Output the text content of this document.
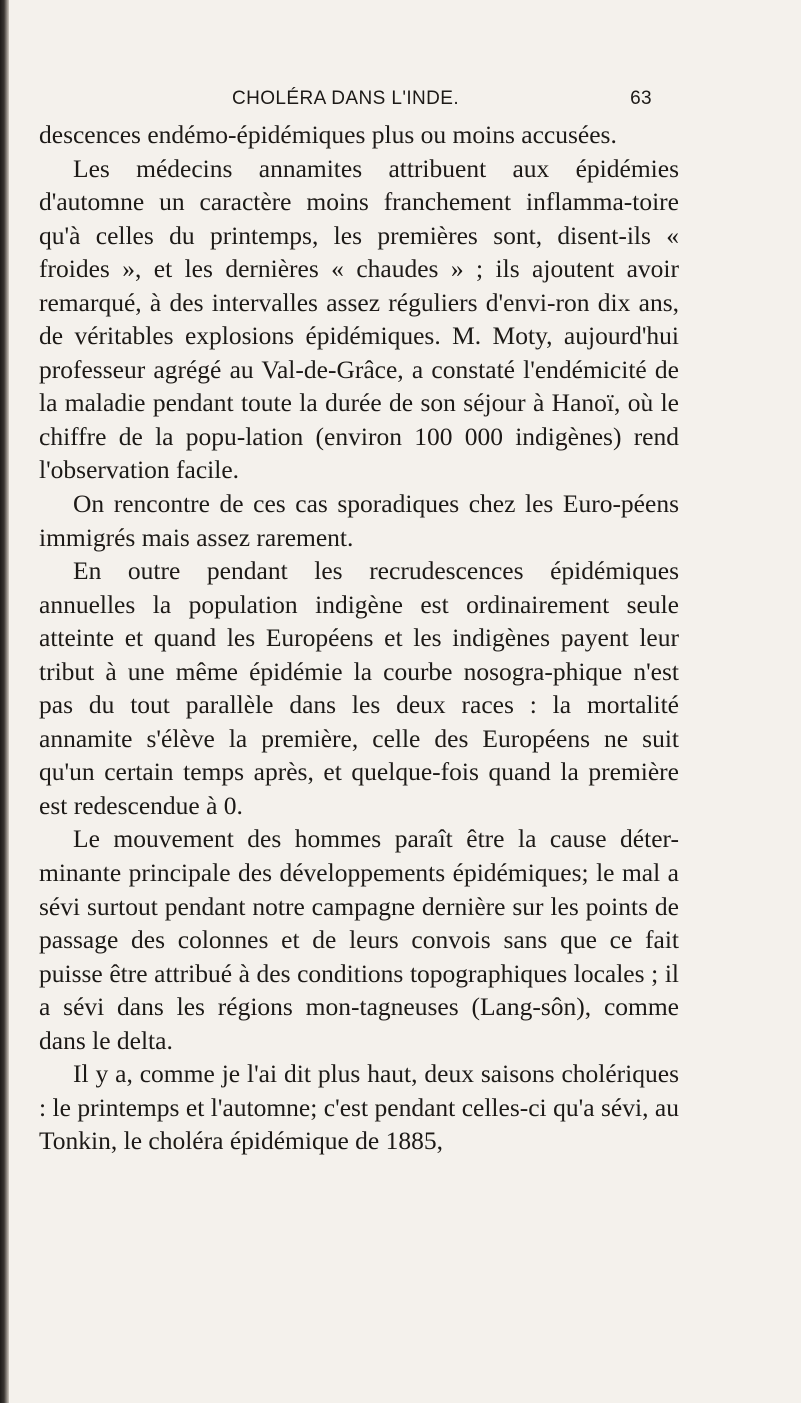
CHOLÉRA DANS L'INDE.	63

descences endémo-épidémiques plus ou moins accusées.

Les médecins annamites attribuent aux épidémies d'automne un caractère moins franchement inflamma-toire qu'à celles du printemps, les premières sont, disent-ils « froides », et les dernières « chaudes » ; ils ajoutent avoir remarqué, à des intervalles assez réguliers d'envi-ron dix ans, de véritables explosions épidémiques. M. Moty, aujourd'hui professeur agrégé au Val-de-Grâce, a constaté l'endémicité de la maladie pendant toute la durée de son séjour à Hanoï, où le chiffre de la popu-lation (environ 100 000 indigènes) rend l'observation facile.

On rencontre de ces cas sporadiques chez les Euro-péens immigrés mais assez rarement.

En outre pendant les recrudescences épidémiques annuelles la population indigène est ordinairement seule atteinte et quand les Européens et les indigènes payent leur tribut à une même épidémie la courbe nosogra-phique n'est pas du tout parallèle dans les deux races : la mortalité annamite s'élève la première, celle des Européens ne suit qu'un certain temps après, et quelque-fois quand la première est redescendue à 0.

Le mouvement des hommes paraît être la cause déter-minante principale des développements épidémiques; le mal a sévi surtout pendant notre campagne dernière sur les points de passage des colonnes et de leurs convois sans que ce fait puisse être attribué à des conditions topographiques locales ; il a sévi dans les régions mon-tagneuses (Lang-sôn), comme dans le delta.

Il y a, comme je l'ai dit plus haut, deux saisons cholériques : le printemps et l'automne; c'est pendant celles-ci qu'a sévi, au Tonkin, le choléra épidémique de 1885,
